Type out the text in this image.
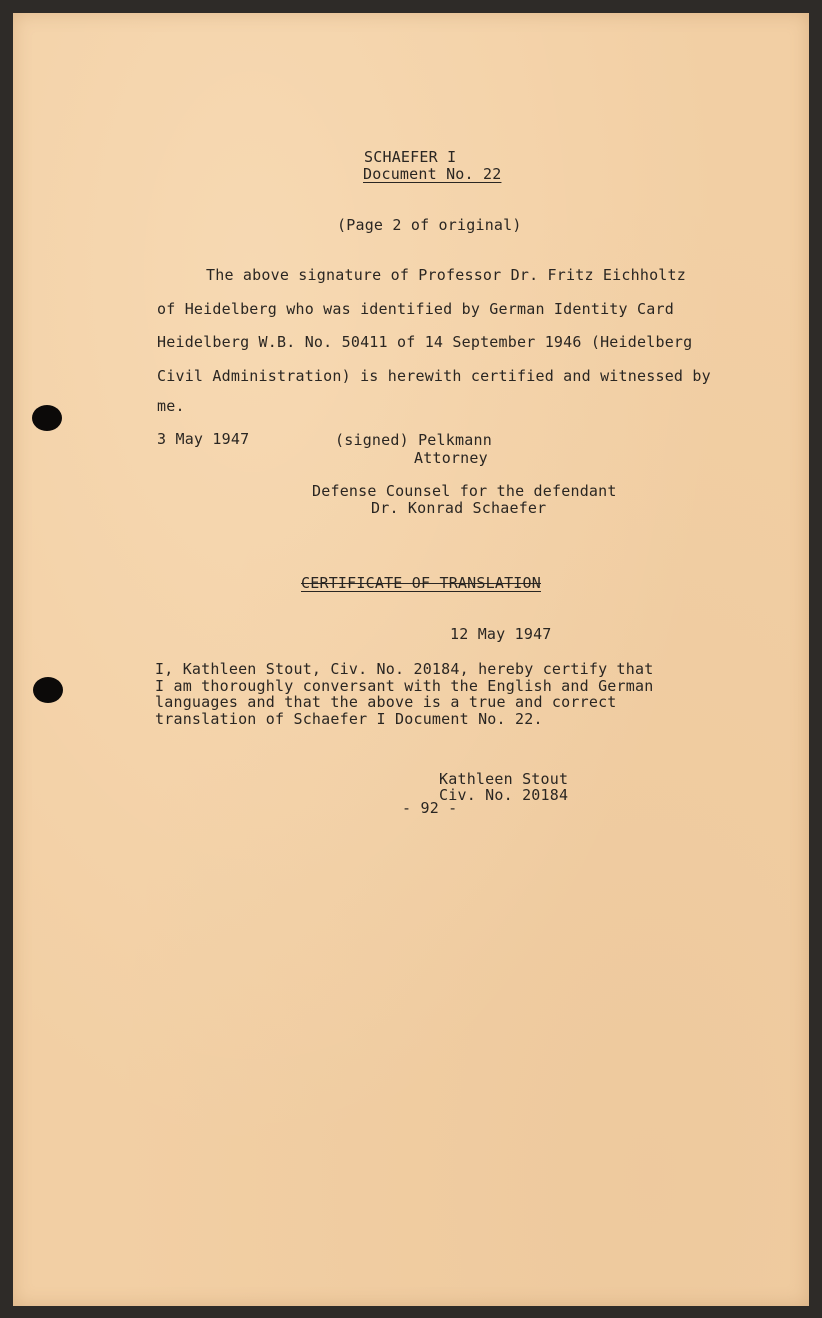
SCHAEFER I
Document No. 22
(Page 2 of original)
The above signature of Professor Dr. Fritz Eichholtz
of Heidelberg who was identified by German Identity Card
Heidelberg W.B. No. 50411 of 14 September 1946 (Heidelberg
Civil Administration) is herewith certified and witnessed by
me.
3 May 1947	(signed) Pelkmann
Attorney
Defense Counsel for the defendant
Dr. Konrad Schaefer
CERTIFICATE OF TRANSLATION
12 May 1947
I, Kathleen Stout, Civ. No. 20184, hereby certify that
I am thoroughly conversant with the English and German
languages and that the above is a true and correct
translation of Schaefer I Document No. 22.
Kathleen Stout
Civ. No. 20184
- 92 -
